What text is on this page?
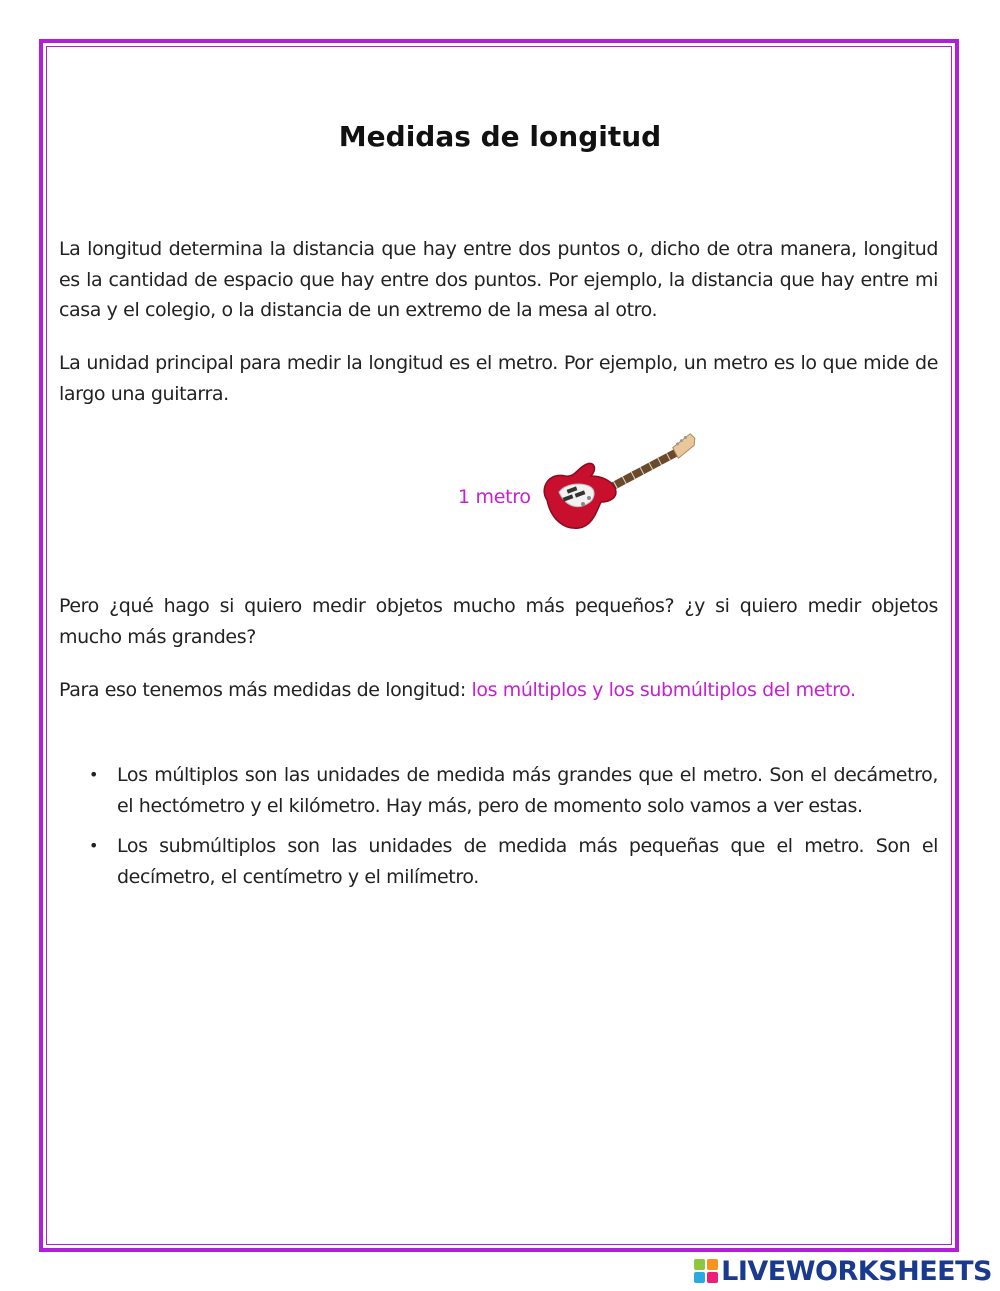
Medidas de longitud

La longitud determina la distancia que hay entre dos puntos o, dicho de otra manera, longitud es la cantidad de espacio que hay entre dos puntos. Por ejemplo, la distancia que hay entre mi casa y el colegio, o la distancia de un extremo de la mesa al otro.

La unidad principal para medir la longitud es el metro. Por ejemplo, un metro es lo que mide de largo una guitarra.

1 metro

Pero ¿qué hago si quiero medir objetos mucho más pequeños? ¿y si quiero medir objetos mucho más grandes?

Para eso tenemos más medidas de longitud: los múltiplos y los submúltiplos del metro.

• Los múltiplos son las unidades de medida más grandes que el metro. Son el decámetro, el hectómetro y el kilómetro. Hay más, pero de momento solo vamos a ver estas.
• Los submúltiplos son las unidades de medida más pequeñas que el metro. Son el decímetro, el centímetro y el milímetro.
LIVEWORKSHEETS
